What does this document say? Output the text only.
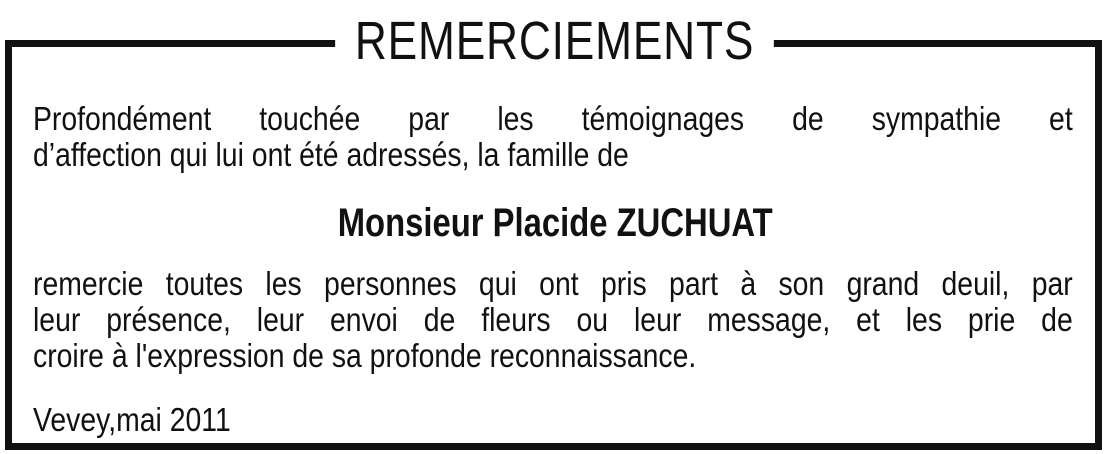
REMERCIEMENTS
Profondément touchée par les témoignages de sympathie et
d’affection qui lui ont été adressés, la famille de
Monsieur Placide ZUCHUAT
remercie toutes les personnes qui ont pris part à son grand deuil, par
leur présence, leur envoi de fleurs ou leur message, et les prie de
croire à l'expression de sa profonde reconnaissance.
Vevey,mai 2011
